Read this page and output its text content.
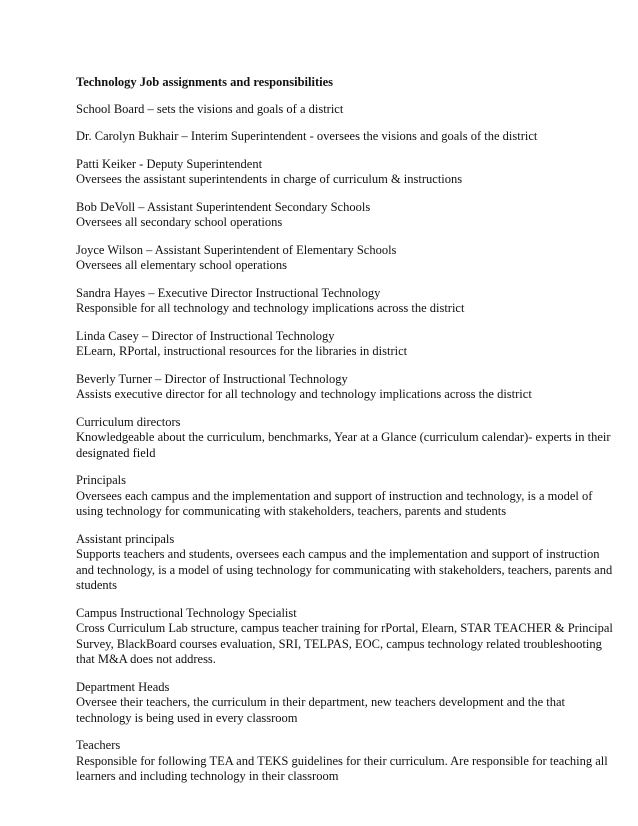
Technology Job assignments and responsibilities
School Board – sets the visions and goals of a district
Dr. Carolyn Bukhair – Interim Superintendent - oversees the visions and goals of the district
Patti Keiker - Deputy Superintendent
Oversees the assistant superintendents in charge of curriculum & instructions
Bob DeVoll – Assistant Superintendent Secondary Schools
Oversees all secondary school operations
Joyce Wilson – Assistant Superintendent of Elementary Schools
Oversees all elementary school operations
Sandra Hayes – Executive Director Instructional Technology
Responsible for all technology and technology implications across the district
Linda Casey – Director of Instructional Technology
ELearn, RPortal, instructional resources for the libraries in district
Beverly Turner – Director of Instructional Technology
Assists executive director for all technology and technology implications across the district
Curriculum directors
Knowledgeable about the curriculum, benchmarks, Year at a Glance (curriculum calendar)- experts in their designated field
Principals
Oversees each campus and the implementation and support of instruction and technology, is a model of using technology for communicating with stakeholders, teachers, parents and students
Assistant principals
Supports teachers and students, oversees each campus and the implementation and support of instruction and technology, is a model of using technology for communicating with stakeholders, teachers, parents and students
Campus Instructional Technology Specialist
Cross Curriculum Lab structure, campus teacher training for rPortal, Elearn, STAR TEACHER & Principal Survey, BlackBoard courses evaluation, SRI, TELPAS, EOC, campus technology related troubleshooting that M&A does not address.
Department Heads
Oversee their teachers, the curriculum in their department, new teachers development and the that technology is being used in every classroom
Teachers
Responsible for following TEA and TEKS guidelines for their curriculum. Are responsible for teaching all learners and including technology in their classroom
